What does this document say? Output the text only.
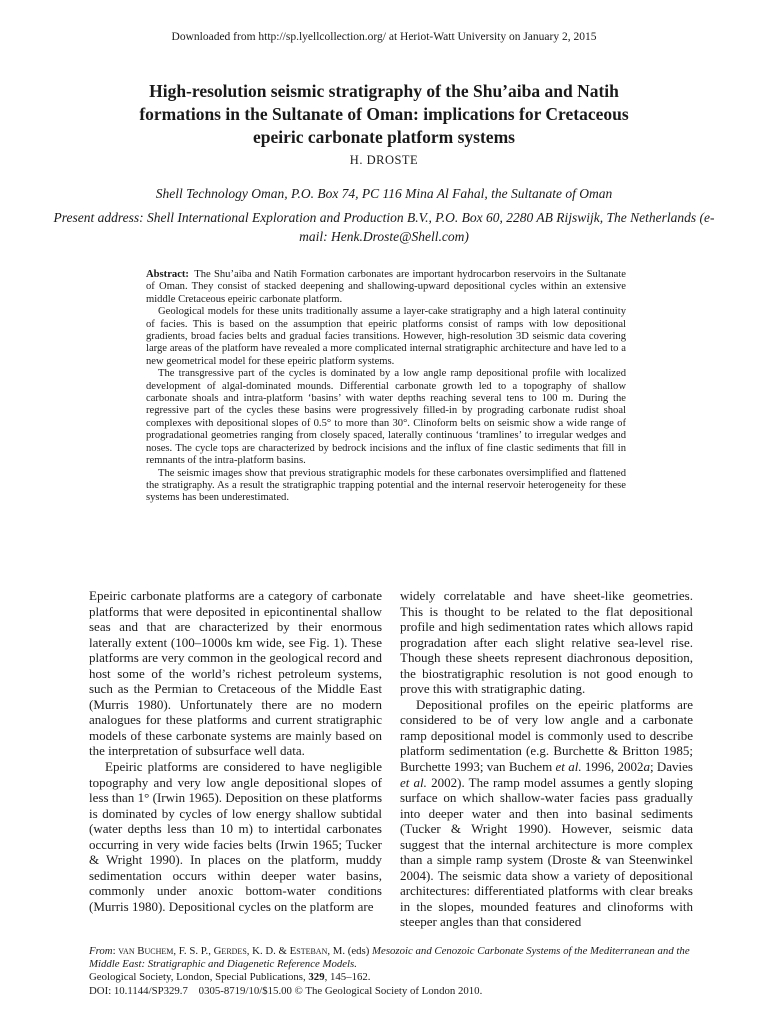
Downloaded from http://sp.lyellcollection.org/ at Heriot-Watt University on January 2, 2015
High-resolution seismic stratigraphy of the Shu’aiba and Natih
formations in the Sultanate of Oman: implications for Cretaceous
epeiric carbonate platform systems
H. DROSTE

Shell Technology Oman, P.O. Box 74, PC 116 Mina Al Fahal, the Sultanate of Oman

Present address: Shell International Exploration and Production B.V., P.O. Box 60, 2280 AB Rijswijk, The Netherlands (e-mail: Henk.Droste@Shell.com)

Abstract:  The Shu’aiba and Natih Formation carbonates are important hydrocarbon reservoirs in the Sultanate of Oman. They consist of stacked deepening and shallowing-upward depositional cycles within an extensive middle Cretaceous epeiric carbonate platform.

Geological models for these units traditionally assume a layer-cake stratigraphy and a high lateral continuity of facies. This is based on the assumption that epeiric platforms consist of ramps with low depositional gradients, broad facies belts and gradual facies transitions. However, high-resolution 3D seismic data covering large areas of the platform have revealed a more complicated internal stratigraphic architecture and have led to a new geometrical model for these epeiric platform systems.

The transgressive part of the cycles is dominated by a low angle ramp depositional profile with localized development of algal-dominated mounds. Differential carbonate growth led to a topography of shallow carbonate shoals and intra-platform ‘basins’ with water depths reaching several tens to 100 m. During the regressive part of the cycles these basins were progressively filled-in by prograding carbonate rudist shoal complexes with depositional slopes of 0.5° to more than 30°. Clinoform belts on seismic show a wide range of progradational geometries ranging from closely spaced, laterally continuous ‘tramlines’ to irregular wedges and noses. The cycle tops are characterized by bedrock incisions and the influx of fine clastic sediments that fill in remnants of the intra-platform basins.

The seismic images show that previous stratigraphic models for these carbonates oversimplified and flattened the stratigraphy. As a result the stratigraphic trapping potential and the internal reservoir heterogeneity for these systems has been underestimated.

Epeiric carbonate platforms are a category of carbonate platforms that were deposited in epicontinental shallow seas and that are characterized by their enormous laterally extent (100–1000s km wide, see Fig. 1). These platforms are very common in the geological record and host some of the world’s richest petroleum systems, such as the Permian to Cretaceous of the Middle East (Murris 1980). Unfortunately there are no modern analogues for these platforms and current stratigraphic models of these carbonate systems are mainly based on the interpretation of subsurface well data.

Epeiric platforms are considered to have negligible topography and very low angle depositional slopes of less than 1° (Irwin 1965). Deposition on these platforms is dominated by cycles of low energy shallow subtidal (water depths less than 10 m) to intertidal carbonates occurring in very wide facies belts (Irwin 1965; Tucker & Wright 1990). In places on the platform, muddy sedimentation occurs within deeper water basins, commonly under anoxic bottom-water conditions (Murris 1980). Depositional cycles on the platform are

widely correlatable and have sheet-like geometries. This is thought to be related to the flat depositional profile and high sedimentation rates which allows rapid progradation after each slight relative sea-level rise. Though these sheets represent diachronous deposition, the biostratigraphic resolution is not good enough to prove this with stratigraphic dating.

Depositional profiles on the epeiric platforms are considered to be of very low angle and a carbonate ramp depositional model is commonly used to describe platform sedimentation (e.g. Burchette & Britton 1985; Burchette 1993; van Buchem et al. 1996, 2002a; Davies et al. 2002). The ramp model assumes a gently sloping surface on which shallow-water facies pass gradually into deeper water and then into basinal sediments (Tucker & Wright 1990). However, seismic data suggest that the internal architecture is more complex than a simple ramp system (Droste & van Steenwinkel 2004). The seismic data show a variety of depositional architectures: differentiated platforms with clear breaks in the slopes, mounded features and clinoforms with steeper angles than that considered

From: van Buchem, F. S. P., Gerdes, K. D. & Esteban, M. (eds) Mesozoic and Cenozoic Carbonate Systems of the Mediterranean and the Middle East: Stratigraphic and Diagenetic Reference Models.

Geological Society, London, Special Publications, 329, 145–162.

DOI: 10.1144/SP329.7    0305-8719/10/$15.00 © The Geological Society of London 2010.
